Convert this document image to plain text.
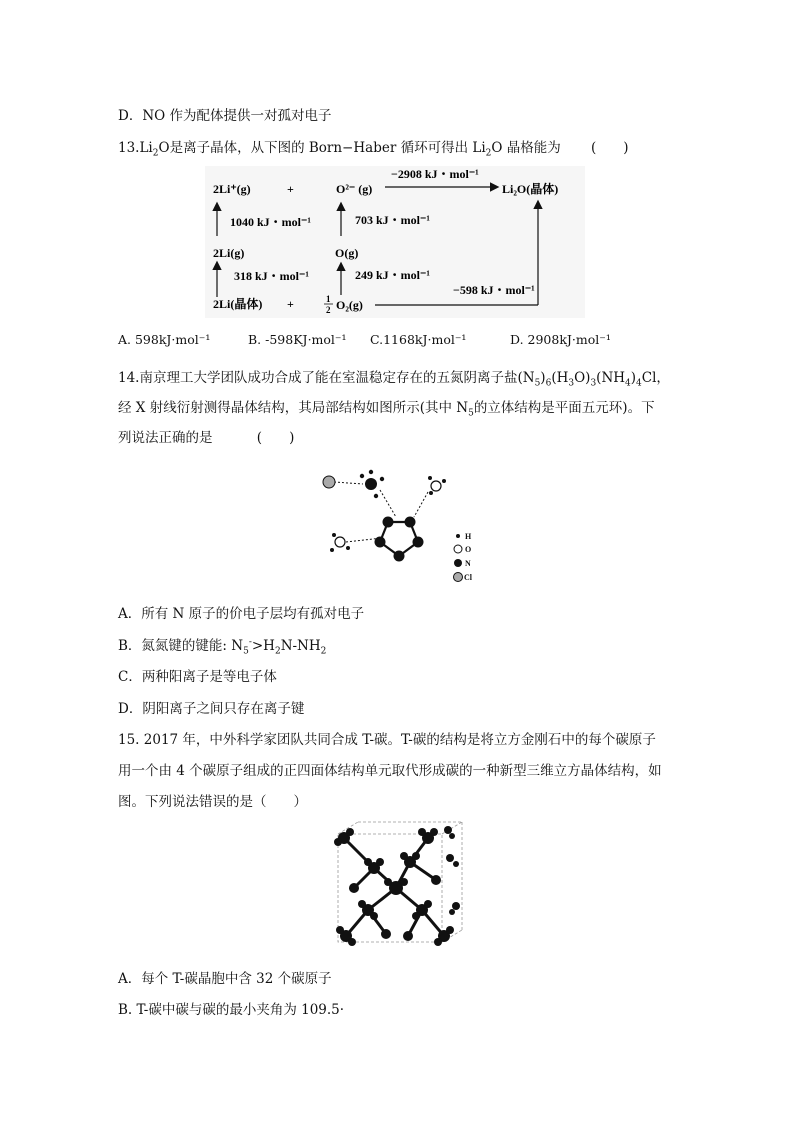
D．NO 作为配体提供一对孤对电子
$13.Li_2O$是离子晶体，从下图的 Born−Haber 循环可得出 $Li_2O$ 晶格能为 (　　)
2Li⁺(g)	+	O²⁻ (g)
−2908 kJ・mol⁻¹
Li₂O(晶体)
1040 kJ・mol⁻¹
2Li(g)
318 kJ・mol⁻¹
2Li(晶体) +
703 kJ・mol⁻¹
O(g)
249 kJ・mol⁻¹
1
2 O₂(g)
−598 kJ・mol⁻¹
A. 598kJ·mol⁻¹	B. -598KJ·mol⁻¹ C.1168kJ·mol⁻¹	D. 2908kJ·mol⁻¹
14.南京理工大学团队成功合成了能在室温稳定存在的五氮阴离子盐$(N_5)_6(H_3O)_3(NH_4)_4Cl$，
经 X 射线衍射测得晶体结构，其局部结构如图所示(其中 $N_5$的立体结构是平面五元环)。下
列说法正确的是	(　　)
H
O
N
Cl
A．所有 N 原子的价电子层均有孤对电子
B．氮氮键的键能: $N_5^->H_2N-NH_2$
C．两种阳离子是等电子体
D．阴阳离子之间只存在离子键
15. 2017 年，中外科学家团队共同合成 T-碳。T-碳的结构是将立方金刚石中的每个碳原子
用一个由 4 个碳原子组成的正四面体结构单元取代形成碳的一种新型三维立方晶体结构，如
图。下列说法错误的是（　　）
A．每个 T-碳晶胞中含 32 个碳原子
B. T-碳中碳与碳的最小夹角为 109.5·
